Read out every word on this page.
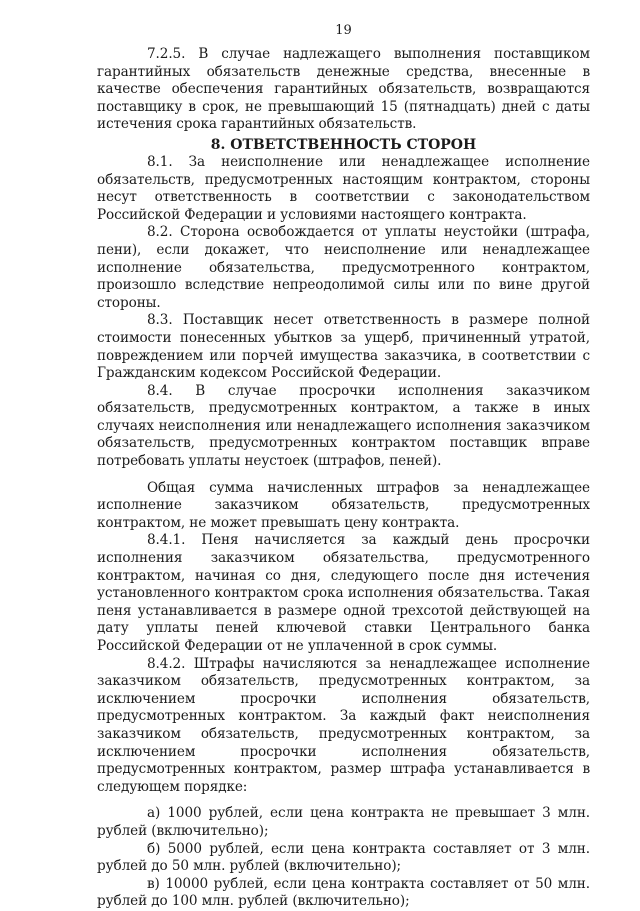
19

7.2.5. В случае надлежащего выполнения поставщиком гарантийных обязательств денежные средства, внесенные в качестве обеспечения гарантийных обязательств, возвращаются поставщику в срок, не превышающий 15 (пятнадцать) дней с даты истечения срока гарантийных обязательств.

8. ОТВЕТСТВЕННОСТЬ СТОРОН

8.1. За неисполнение или ненадлежащее исполнение обязательств, предусмотренных настоящим контрактом, стороны несут ответственность в соответствии с законодательством Российской Федерации и условиями настоящего контракта.

8.2. Сторона освобождается от уплаты неустойки (штрафа, пени), если докажет, что неисполнение или ненадлежащее исполнение обязательства, предусмотренного контрактом, произошло вследствие непреодолимой силы или по вине другой стороны.

8.3. Поставщик несет ответственность в размере полной стоимости понесенных убытков за ущерб, причиненный утратой, повреждением или порчей имущества заказчика, в соответствии с Гражданским кодексом Российской Федерации.

8.4. В случае просрочки исполнения заказчиком обязательств, предусмотренных контрактом, а также в иных случаях неисполнения или ненадлежащего исполнения заказчиком обязательств, предусмотренных контрактом поставщик вправе потребовать уплаты неустоек (штрафов, пеней).

Общая сумма начисленных штрафов за ненадлежащее исполнение заказчиком обязательств, предусмотренных контрактом, не может превышать цену контракта.

8.4.1. Пеня начисляется за каждый день просрочки исполнения заказчиком обязательства, предусмотренного контрактом, начиная со дня, следующего после дня истечения установленного контрактом срока исполнения обязательства. Такая пеня устанавливается в размере одной трехсотой действующей на дату уплаты пеней ключевой ставки Центрального банка Российской Федерации от не уплаченной в срок суммы.

8.4.2. Штрафы начисляются за ненадлежащее исполнение заказчиком обязательств, предусмотренных контрактом, за исключением просрочки исполнения обязательств, предусмотренных контрактом. За каждый факт неисполнения заказчиком обязательств, предусмотренных контрактом, за исключением просрочки исполнения обязательств, предусмотренных контрактом, размер штрафа устанавливается в следующем порядке:

а) 1000 рублей, если цена контракта не превышает 3 млн. рублей (включительно);

б) 5000 рублей, если цена контракта составляет от 3 млн. рублей до 50 млн. рублей (включительно);

в) 10000 рублей, если цена контракта составляет от 50 млн. рублей до 100 млн. рублей (включительно);
